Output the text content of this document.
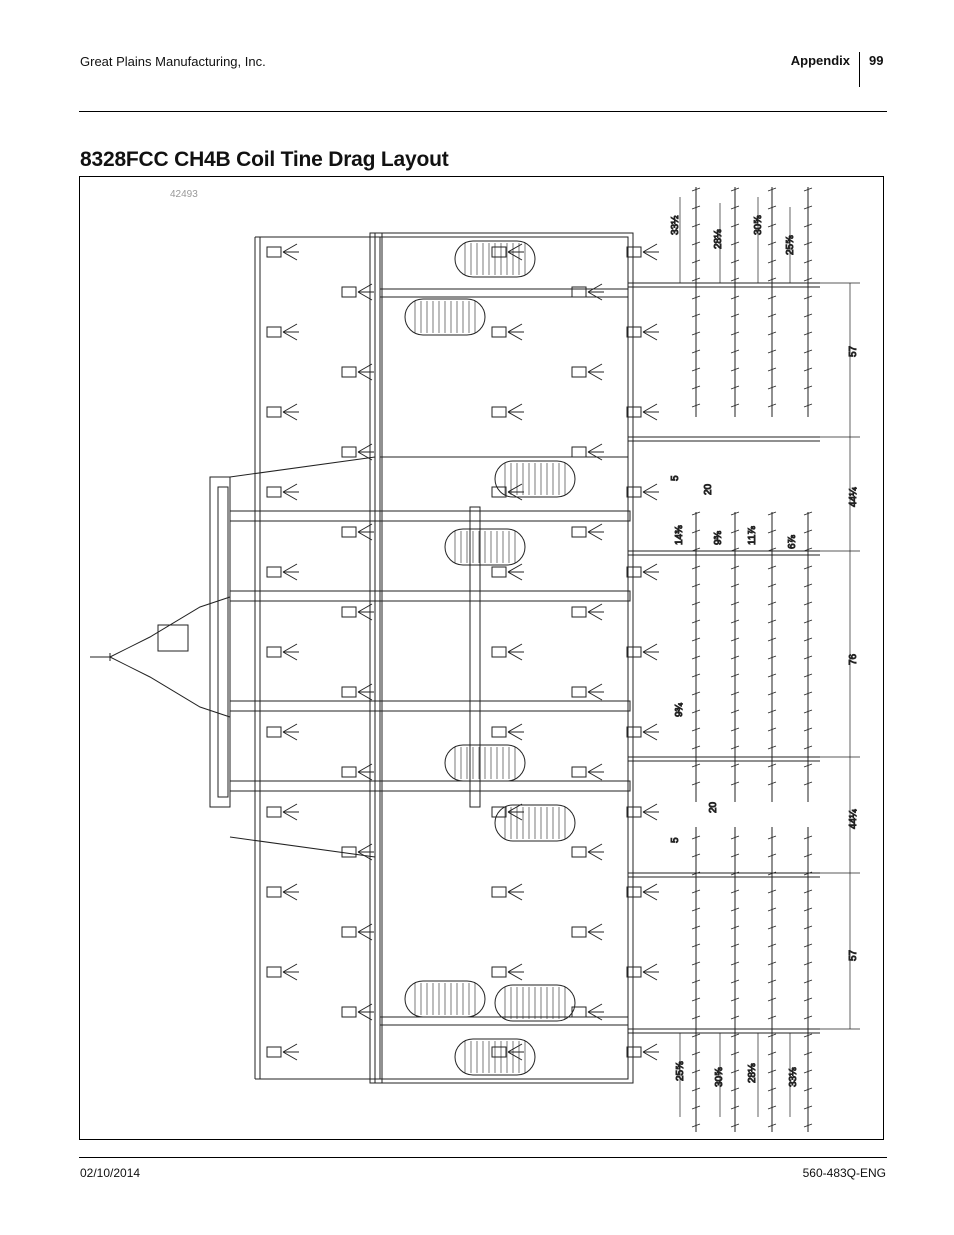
Great Plains Manufacturing, Inc.	Appendix 99
8328FCC CH4B Coil Tine Drag Layout
42493
33½
28⅛
30⅝
25⅝
57
44¼
76
44¼
57
5
20
14⅜	9⅜ 11⅞	6⅞
9¾
20
5
25⅝	30⅝ 28⅛	33⅛
02/10/2014	560-483Q-ENG
